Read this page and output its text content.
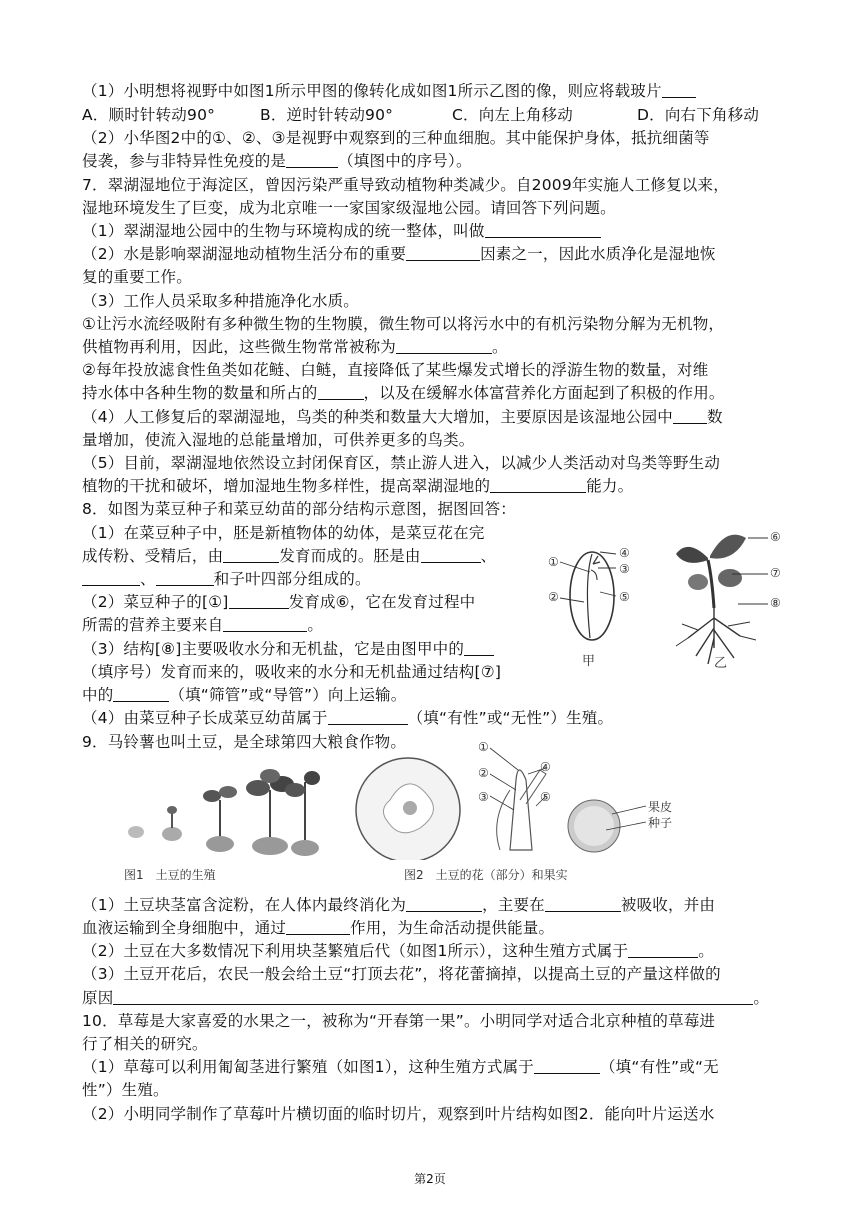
（1）小明想将视野中如图1所示甲图的像转化成如图1所示乙图的像，则应将载玻片
A．顺时针转动90°	B．逆时针转动90°	C．向左上角移动	D．向右下角移动
（2）小华图2中的①、②、③是视野中观察到的三种血细胞。其中能保护身体，抵抗细菌等
侵袭，参与非特异性免疫的是	（填图中的序号）。
7．翠湖湿地位于海淀区，曾因污染严重导致动植物种类减少。自2009年实施人工修复以来，
湿地环境发生了巨变，成为北京唯一一家国家级湿地公园。请回答下列问题。
（1）翠湖湿地公园中的生物与环境构成的统一整体，叫做
（2）水是影响翠湖湿地动植物生活分布的重要	因素之一，因此水质净化是湿地恢
复的重要工作。
（3）工作人员采取多种措施净化水质。
①让污水流经吸附有多种微生物的生物膜，微生物可以将污水中的有机污染物分解为无机物，
供植物再利用，因此，这些微生物常常被称为	。
②每年投放滤食性鱼类如花鲢、白鲢，直接降低了某些爆发式增长的浮游生物的数量，对维
持水体中各种生物的数量和所占的	，以及在缓解水体富营养化方面起到了积极的作用。
（4）人工修复后的翠湖湿地，鸟类的种类和数量大大增加，主要原因是该湿地公园中 数
量增加，使流入湿地的总能量增加，可供养更多的鸟类。
（5）目前，翠湖湿地依然设立封闭保育区，禁止游人进入，以减少人类活动对鸟类等野生动
植物的干扰和破坏，增加湿地生物多样性，提高翠湖湿地的	能力。
8．如图为菜豆种子和菜豆幼苗的部分结构示意图，据图回答：
（1）在菜豆种子中，胚是新植物体的幼体，是菜豆花在完
成传粉、受精后，由	发育而成的。胚是由	、
、	和子叶四部分组成的。
（2）菜豆种子的[①]	发育成⑥，它在发育过程中
所需的营养主要来自	。
（3）结构[⑧]主要吸收水分和无机盐，它是由图甲中的
（填序号）发育而来的，吸收来的水分和无机盐通过结构[⑦]
中的	（填“筛管”或“导管”）向上运输。
（4）由菜豆种子长成菜豆幼苗属于	（填“有性”或“无性”）生殖。
①
②
③
④
⑤
甲
⑥
⑦
⑧
乙
9．马铃薯也叫土豆，是全球第四大粮食作物。
图1　土豆的生殖
①
②
③
④
⑤
果皮
种子
图2　土豆的花（部分）和果实
（1）土豆块茎富含淀粉，在人体内最终消化为	，主要在	被吸收，并由
血液运输到全身细胞中，通过	作用，为生命活动提供能量。
（2）土豆在大多数情况下利用块茎繁殖后代（如图1所示），这种生殖方式属于	。
（3）土豆开花后，农民一般会给土豆“打顶去花”，将花蕾摘掉，以提高土豆的产量这样做的
原因	。
10．草莓是大家喜爱的水果之一，被称为“开春第一果”。小明同学对适合北京种植的草莓进
行了相关的研究。
（1）草莓可以利用匍匐茎进行繁殖（如图1），这种生殖方式属于	（填“有性”或“无
性”）生殖。
（2）小明同学制作了草莓叶片横切面的临时切片，观察到叶片结构如图2．能向叶片运送水
第2页
